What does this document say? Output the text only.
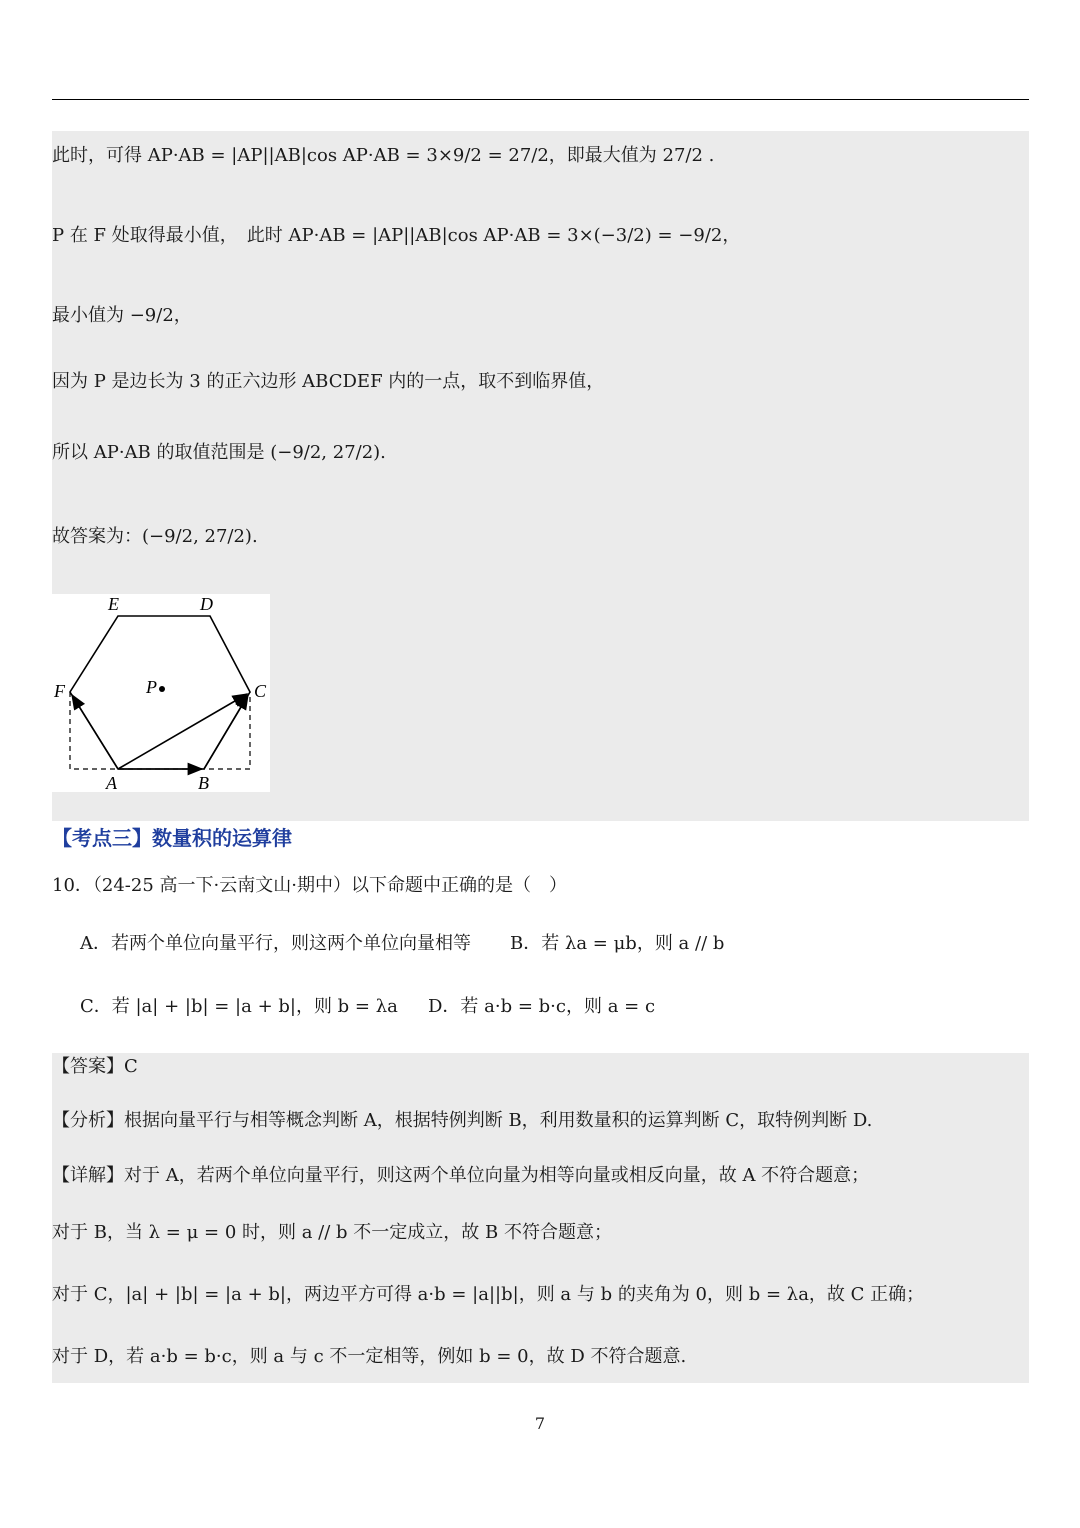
此时，可得 AP·AB = |AP||AB|cos AP·AB = 3×9/2 = 27/2，即最大值为 27/2 .
P 在 F 处取得最小值，　此时 AP·AB = |AP||AB|cos AP·AB = 3×(−3/2) = −9/2，
最小值为 −9/2，
因为 P 是边长为 3 的正六边形 ABCDEF 内的一点，取不到临界值，
所以 AP·AB 的取值范围是 (−9/2, 27/2).
故答案为：(−9/2, 27/2).
E	D
F	C
A	B
P
【考点三】数量积的运算律
10．（24-25 高一下·云南文山·期中）以下命题中正确的是（　）
A．若两个单位向量平行，则这两个单位向量相等 B．若 λa = μb，则 a // b
C．若 |a| + |b| = |a + b|，则 b = λa D．若 a·b = b·c，则 a = c
【答案】C
【分析】根据向量平行与相等概念判断 A，根据特例判断 B，利用数量积的运算判断 C，取特例判断 D.
【详解】对于 A，若两个单位向量平行，则这两个单位向量为相等向量或相反向量，故 A 不符合题意；
对于 B，当 λ = μ = 0 时，则 a // b 不一定成立，故 B 不符合题意；
对于 C，|a| + |b| = |a + b|，两边平方可得 a·b = |a||b|，则 a 与 b 的夹角为 0，则 b = λa，故 C 正确；
对于 D，若 a·b = b·c，则 a 与 c 不一定相等，例如 b = 0，故 D 不符合题意.
7
